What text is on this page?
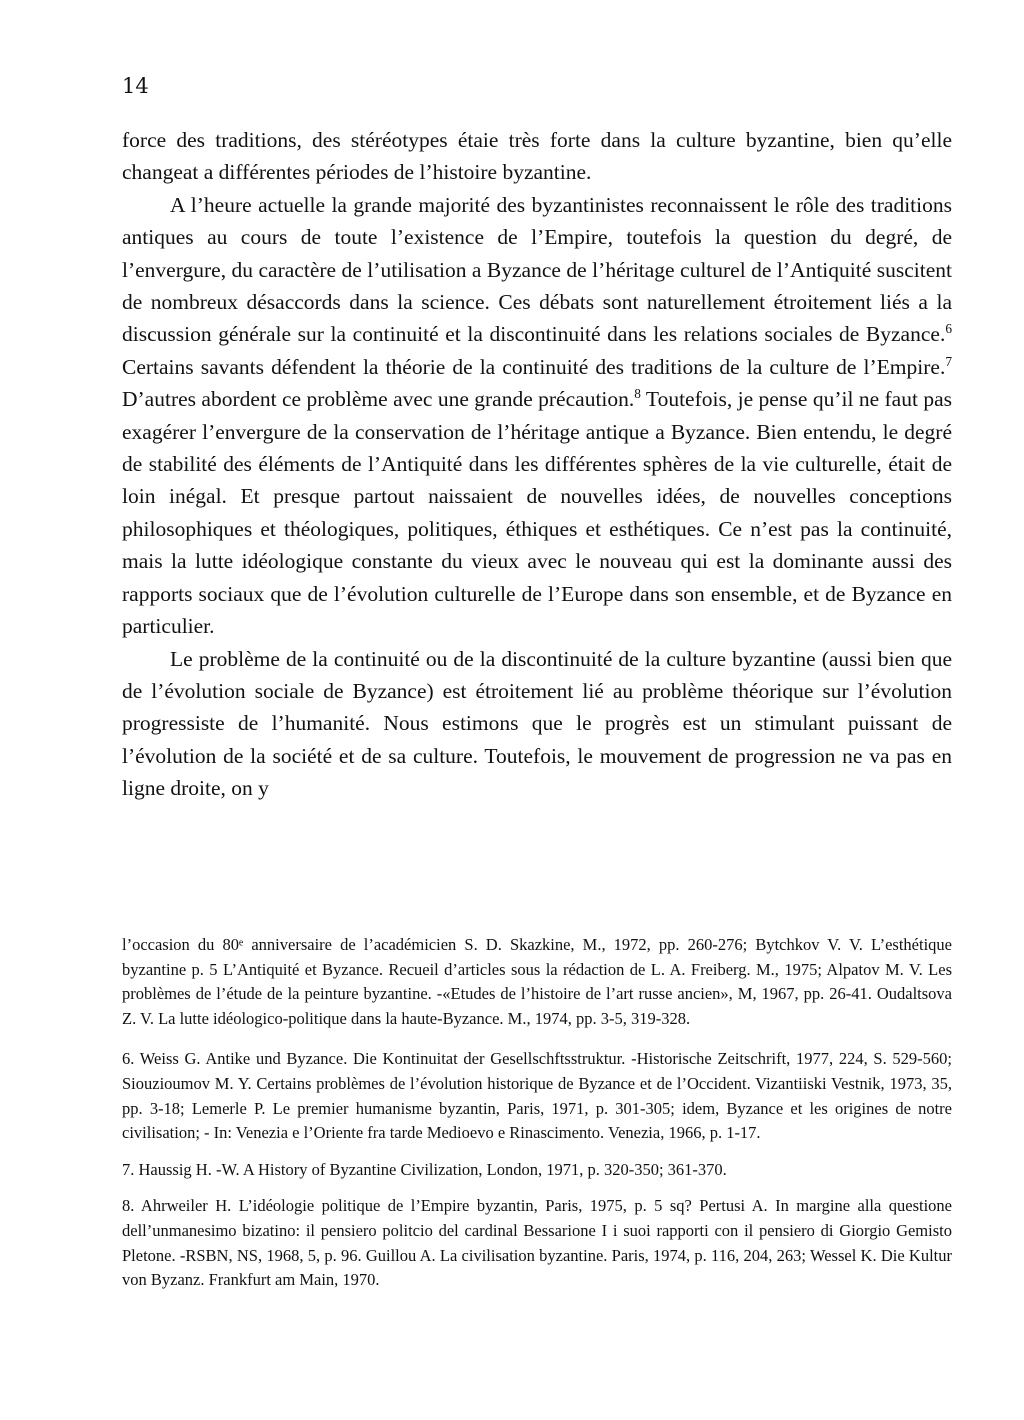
14

force des traditions, des stéréotypes étaie très forte dans la culture byzantine, bien qu’elle changeat a différentes périodes de l’histoire byzantine.

A l’heure actuelle la grande majorité des byzantinistes reconnaissent le rôle des traditions antiques au cours de toute l’existence de l’Empire, toutefois la question du degré, de l’envergure, du caractère de l’utilisation a Byzance de l’héritage culturel de l’Antiquité suscitent de nombreux désaccords dans la science. Ces débats sont naturellement étroitement liés a la discussion générale sur la continuité et la discontinuité dans les relations sociales de Byzance.$^6$ Certains savants défendent la théorie de la continuité des traditions de la culture de l’Empire.$^7$ D’autres abordent ce problème avec une grande précaution.$^8$ Toutefois, je pense qu’il ne faut pas exagérer l’envergure de la conservation de l’héritage antique a Byzance. Bien entendu, le degré de stabilité des éléments de l’Antiquité dans les différentes sphères de la vie culturelle, était de loin inégal. Et presque partout naissaient de nouvelles idées, de nouvelles conceptions philosophiques et théologiques, politiques, éthiques et esthétiques. Ce n’est pas la continuité, mais la lutte idéologique constante du vieux avec le nouveau qui est la dominante aussi des rapports sociaux que de l’évolution culturelle de l’Europe dans son ensemble, et de Byzance en particulier.

Le problème de la continuité ou de la discontinuité de la culture byzantine (aussi bien que de l’évolution sociale de Byzance) est étroitement lié au problème théorique sur l’évolution progressiste de l’humanité. Nous estimons que le progrès est un stimulant puissant de l’évolution de la société et de sa culture. Toutefois, le mouvement de progression ne va pas en ligne droite, on y

l’occasion du 80ᵉ anniversaire de l’académicien S. D. Skazkine, M., 1972, pp. 260-276; Bytchkov V. V. L’esthétique byzantine p. 5 L’Antiquité et Byzance. Recueil d’articles sous la rédaction de L. A. Freiberg. M., 1975; Alpatov M. V. Les problèmes de l’étude de la peinture byzantine. -«Etudes de l’histoire de l’art russe ancien», M, 1967, pp. 26-41. Oudaltsova Z. V. La lutte idéologico-politique dans la haute-Byzance. M., 1974, pp. 3-5, 319-328.

6. Weiss G. Antike und Byzance. Die Kontinuitat der Gesellschftsstruktur. -Historische Zeitschrift, 1977, 224, S. 529-560; Siouzioumov M. Y. Certains problèmes de l’évolution historique de Byzance et de l’Occident. Vizantiiski Vestnik, 1973, 35, pp. 3-18; Lemerle P. Le premier humanisme byzantin, Paris, 1971, p. 301-305; idem, Byzance et les origines de notre civilisation; - In: Venezia e l’Oriente fra tarde Medioevo e Rinascimento. Venezia, 1966, p. 1-17.

7. Haussig H. -W. A History of Byzantine Civilization, London, 1971, p. 320-350; 361-370.

8. Ahrweiler H. L’idéologie politique de l’Empire byzantin, Paris, 1975, p. 5 sq? Pertusi A. In margine alla questione dell’unmanesimo bizatino: il pensiero politcio del cardinal Bessarione I i suoi rapporti con il pensiero di Giorgio Gemisto Pletone. -RSBN, NS, 1968, 5, p. 96. Guillou A. La civilisation byzantine. Paris, 1974, p. 116, 204, 263; Wessel K. Die Kultur von Byzanz. Frankfurt am Main, 1970.
